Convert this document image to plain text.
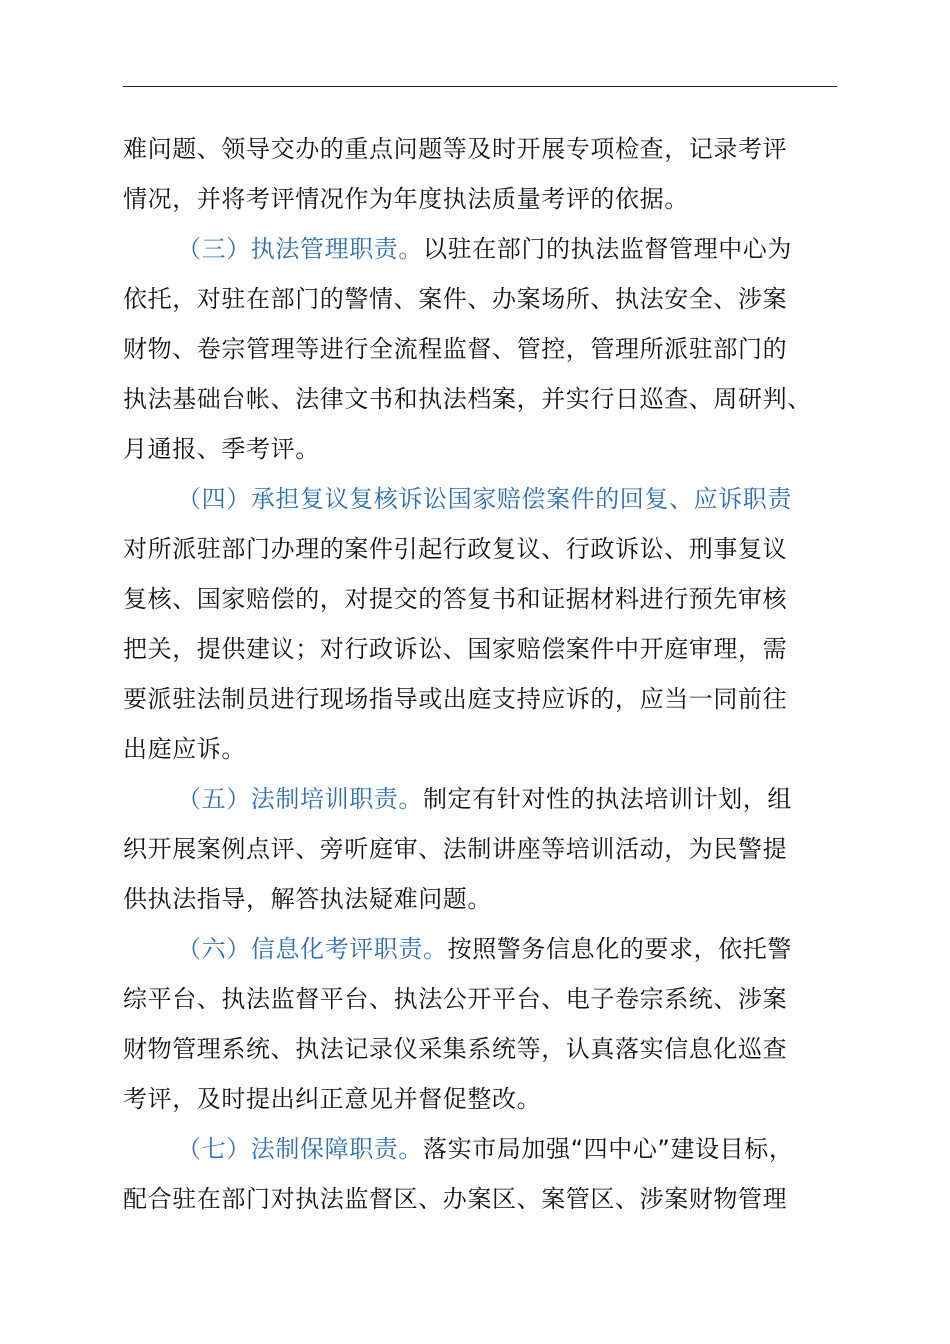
难问题、领导交办的重点问题等及时开展专项检查，记录考评
情况，并将考评情况作为年度执法质量考评的依据。
（三）执法管理职责。以驻在部门的执法监督管理中心为
依托，对驻在部门的警情、案件、办案场所、执法安全、涉案
财物、卷宗管理等进行全流程监督、管控，管理所派驻部门的
执法基础台帐、法律文书和执法档案，并实行日巡查、周研判、
月通报、季考评。
（四）承担复议复核诉讼国家赔偿案件的回复、应诉职责
对所派驻部门办理的案件引起行政复议、行政诉讼、刑事复议
复核、国家赔偿的，对提交的答复书和证据材料进行预先审核
把关，提供建议；对行政诉讼、国家赔偿案件中开庭审理，需
要派驻法制员进行现场指导或出庭支持应诉的，应当一同前往
出庭应诉。
（五）法制培训职责。制定有针对性的执法培训计划，组
织开展案例点评、旁听庭审、法制讲座等培训活动，为民警提
供执法指导，解答执法疑难问题。
（六）信息化考评职责。按照警务信息化的要求，依托警
综平台、执法监督平台、执法公开平台、电子卷宗系统、涉案
财物管理系统、执法记录仪采集系统等，认真落实信息化巡查
考评，及时提出纠正意见并督促整改。
（七）法制保障职责。落实市局加强“四中心”建设目标，
配合驻在部门对执法监督区、办案区、案管区、涉案财物管理
